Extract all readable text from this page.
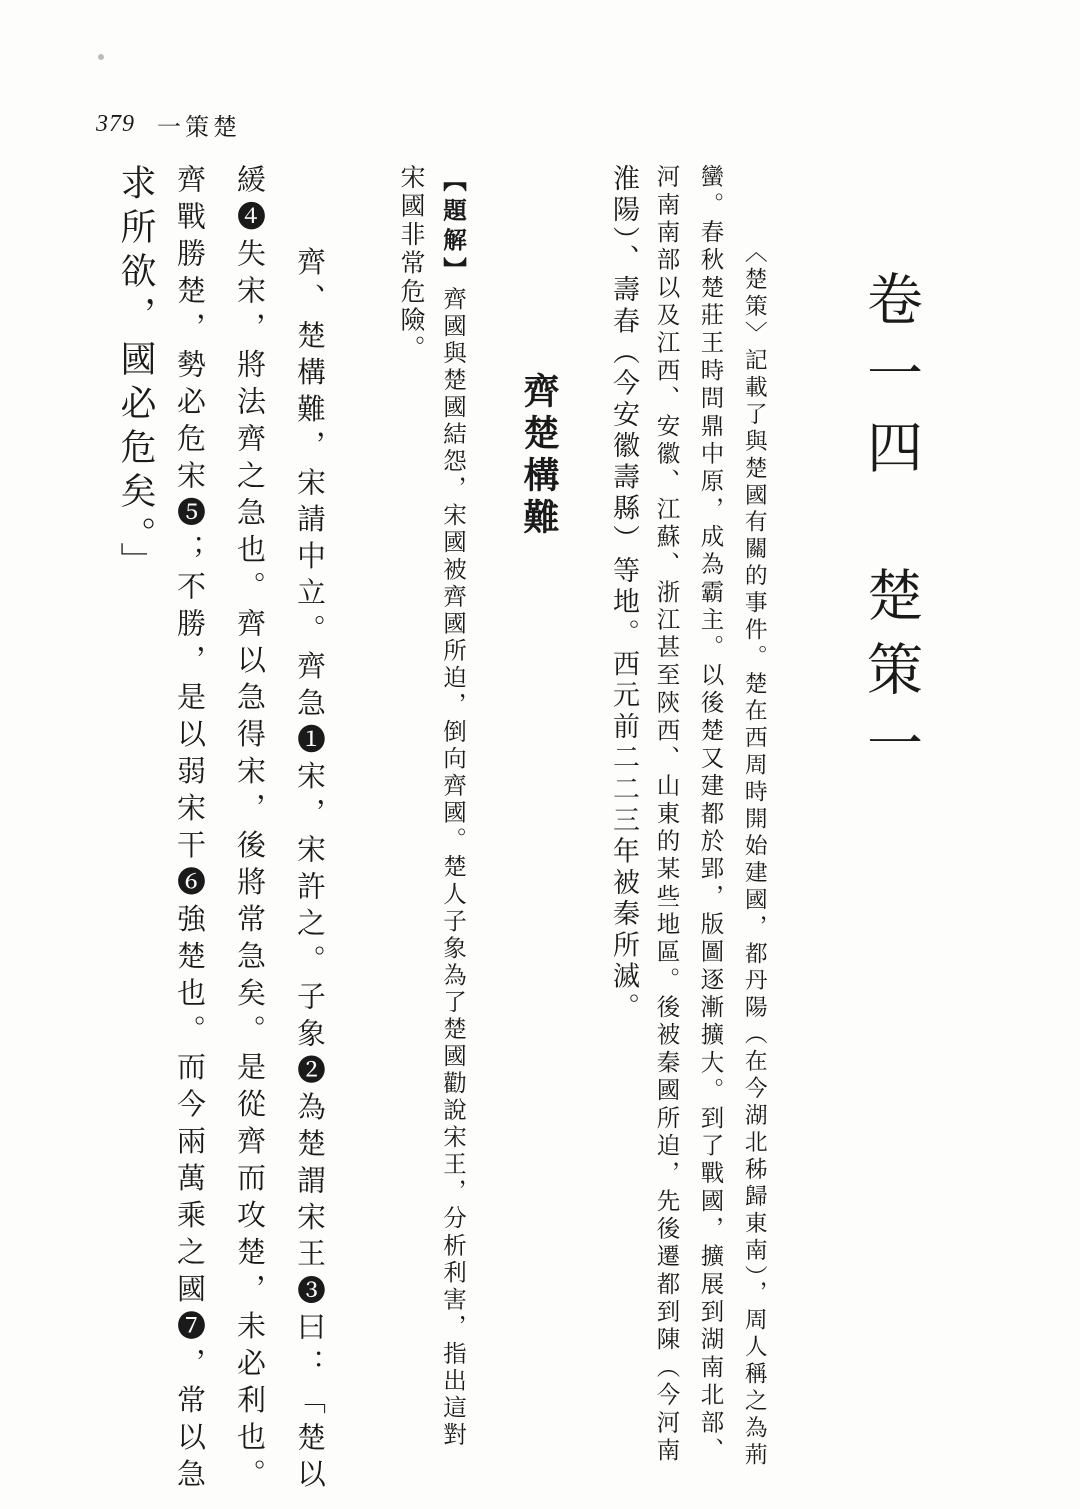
379 一策楚
卷一四　楚策一
〈楚策〉記載了與楚國有關的事件。楚在西周時開始建國，都丹陽（在今湖北秭歸東南），周人稱之為荊
蠻。春秋楚莊王時問鼎中原，成為霸主。以後楚又建都於郢，版圖逐漸擴大。到了戰國，擴展到湖南北部、
河南南部以及江西、安徽、江蘇、浙江甚至陝西、山東的某些地區。後被秦國所迫，先後遷都到陳（今河南
淮陽）、壽春（今安徽壽縣）等地。西元前二二三年被秦所滅。
齊楚構難
【題解】齊國與楚國結怨，宋國被齊國所迫，倒向齊國。楚人子象為了楚國勸說宋王，分析利害，指出這對
宋國非常危險。
　齊、楚構難，宋請中立。齊急❶宋，宋許之。子象❷為楚謂宋王❸曰：「楚以
緩❹失宋，將法齊之急也。齊以急得宋，後將常急矣。是從齊而攻楚，未必利也。
齊戰勝楚，勢必危宋❺；不勝，是以弱宋干❻強楚也。而今兩萬乘之國❼，常以急
求所欲，國必危矣。」
